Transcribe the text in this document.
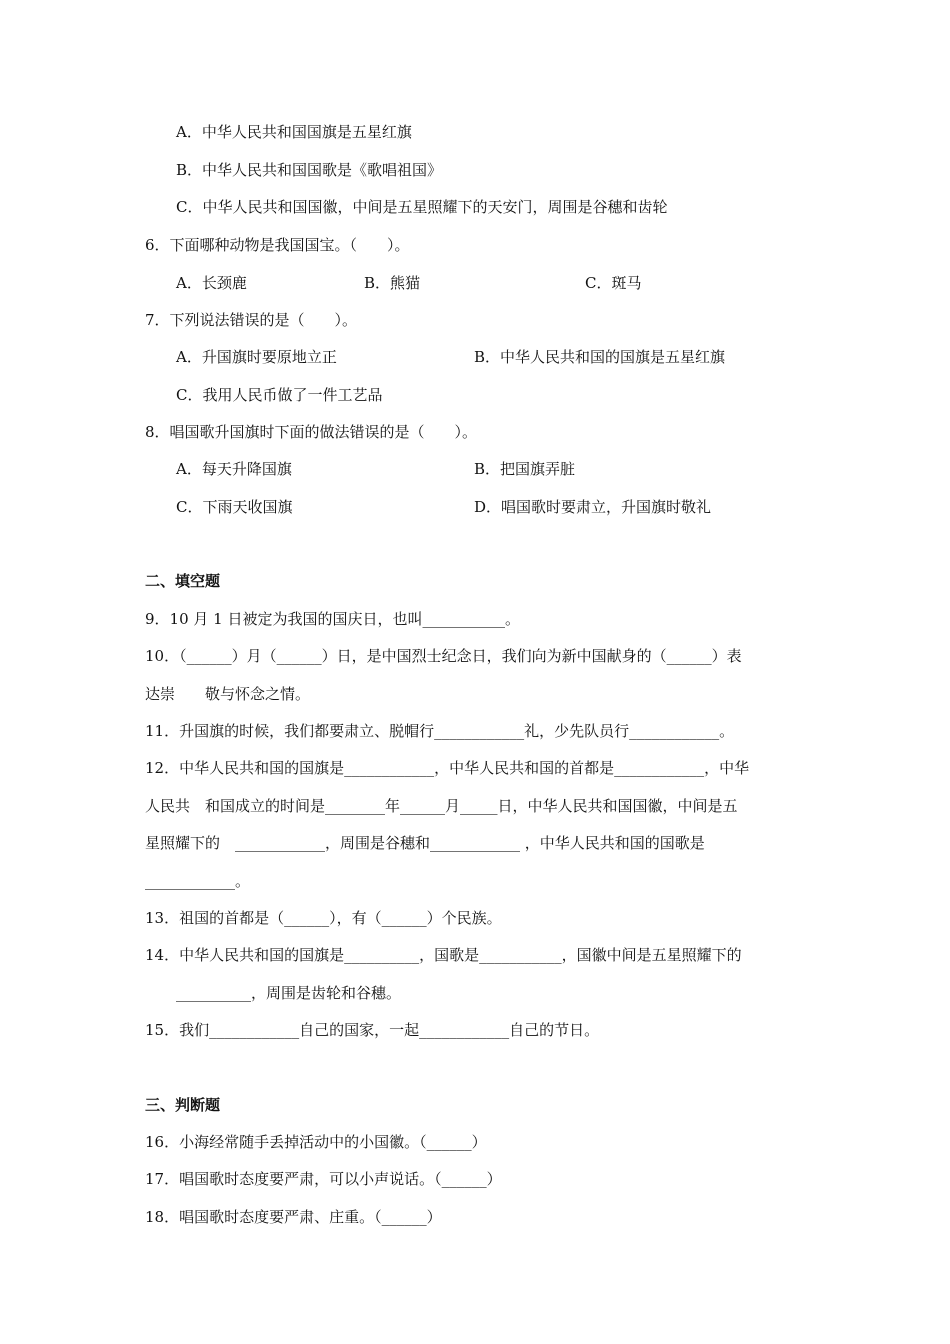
A．中华人民共和国国旗是五星红旗
B．中华人民共和国国歌是《歌唱祖国》
C．中华人民共和国国徽，中间是五星照耀下的天安门，周围是谷穗和齿轮
6．下面哪种动物是我国国宝。（　　）。
A．长颈鹿	B．熊猫	C．斑马
7．下列说法错误的是（　　）。
A．升国旗时要原地立正	B．中华人民共和国的国旗是五星红旗
C．我用人民币做了一件工艺品
8．唱国歌升国旗时下面的做法错误的是（　　）。
A．每天升降国旗	B．把国旗弄脏
C．下雨天收国旗	D．唱国歌时要肃立，升国旗时敬礼
二、填空题
9．10 月 1 日被定为我国的国庆日，也叫___________。
10．（______）月（______）日，是中国烈士纪念日，我们向为新中国献身的（______）表
达崇　　敬与怀念之情。
11．升国旗的时候，我们都要肃立、脱帽行____________礼，少先队员行____________。
12．中华人民共和国的国旗是____________，中华人民共和国的首都是____________，中华
人民共　和国成立的时间是________年______月_____日，中华人民共和国国徽，中间是五
星照耀下的　____________，周围是谷穗和____________ ，中华人民共和国的国歌是
____________。
13．祖国的首都是（______），有（______）个民族。
14．中华人民共和国的国旗是__________，国歌是___________，国徽中间是五星照耀下的
__________，周围是齿轮和谷穗。
15．我们____________自己的国家，一起____________自己的节日。
三、判断题
16．小海经常随手丢掉活动中的小国徽。（______）
17．唱国歌时态度要严肃，可以小声说话。（______）
18．唱国歌时态度要严肃、庄重。（______）
